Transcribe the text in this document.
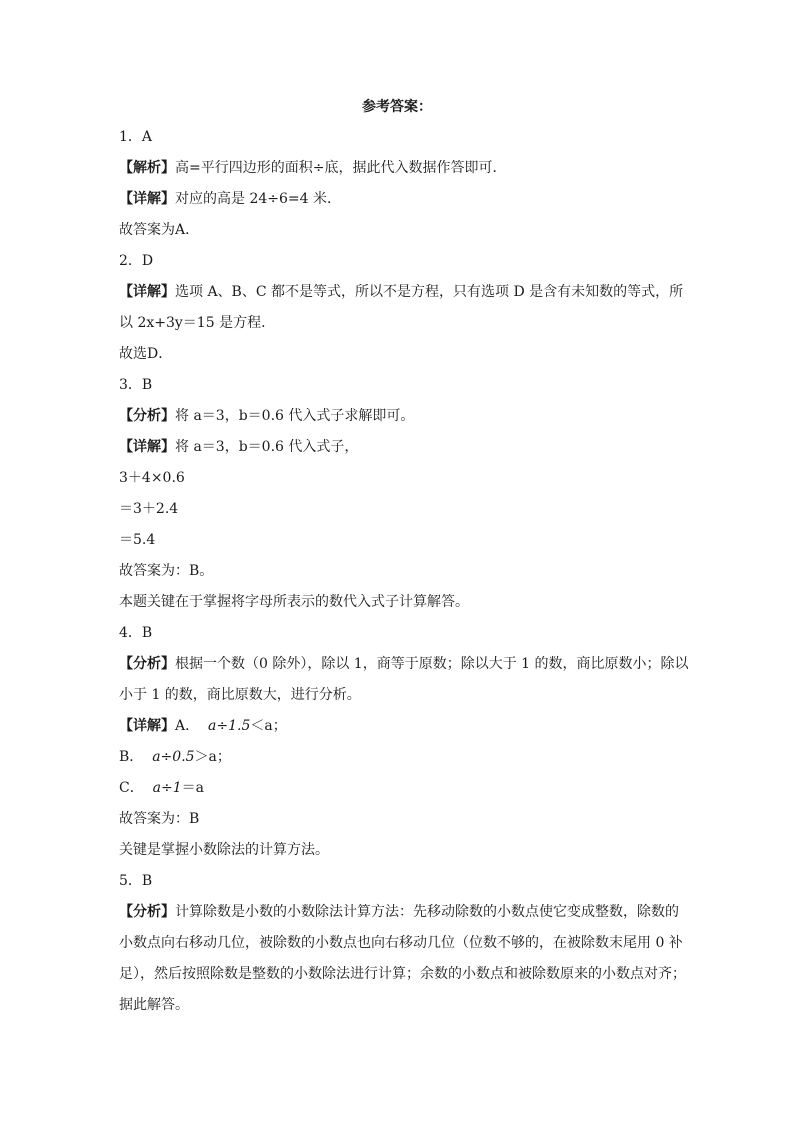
参考答案：

1．A

【解析】高=平行四边形的面积÷底，据此代入数据作答即可．

【详解】对应的高是 24÷6=4 米．

故答案为A．

2．D

【详解】选项 A、B、C 都不是等式，所以不是方程，只有选项 D 是含有未知数的等式，所

以 2x+3y＝15 是方程．

故选D．

3．B

【分析】将 a＝3，b＝0.6 代入式子求解即可。

【详解】将 a＝3，b＝0.6 代入式子，

3＋4×0.6

＝3＋2.4

＝5.4

故答案为：B。

本题关键在于掌握将字母所表示的数代入式子计算解答。

4．B

【分析】根据一个数（0 除外），除以 1，商等于原数；除以大于 1 的数，商比原数小；除以

小于 1 的数，商比原数大，进行分析。

【详解】A． a÷1.5＜a；

B． a÷0.5＞a；

C． a÷1＝a

故答案为：B

关键是掌握小数除法的计算方法。

5．B

【分析】计算除数是小数的小数除法计算方法：先移动除数的小数点使它变成整数，除数的

小数点向右移动几位，被除数的小数点也向右移动几位（位数不够的，在被除数末尾用 0 补

足），然后按照除数是整数的小数除法进行计算；余数的小数点和被除数原来的小数点对齐；

据此解答。
